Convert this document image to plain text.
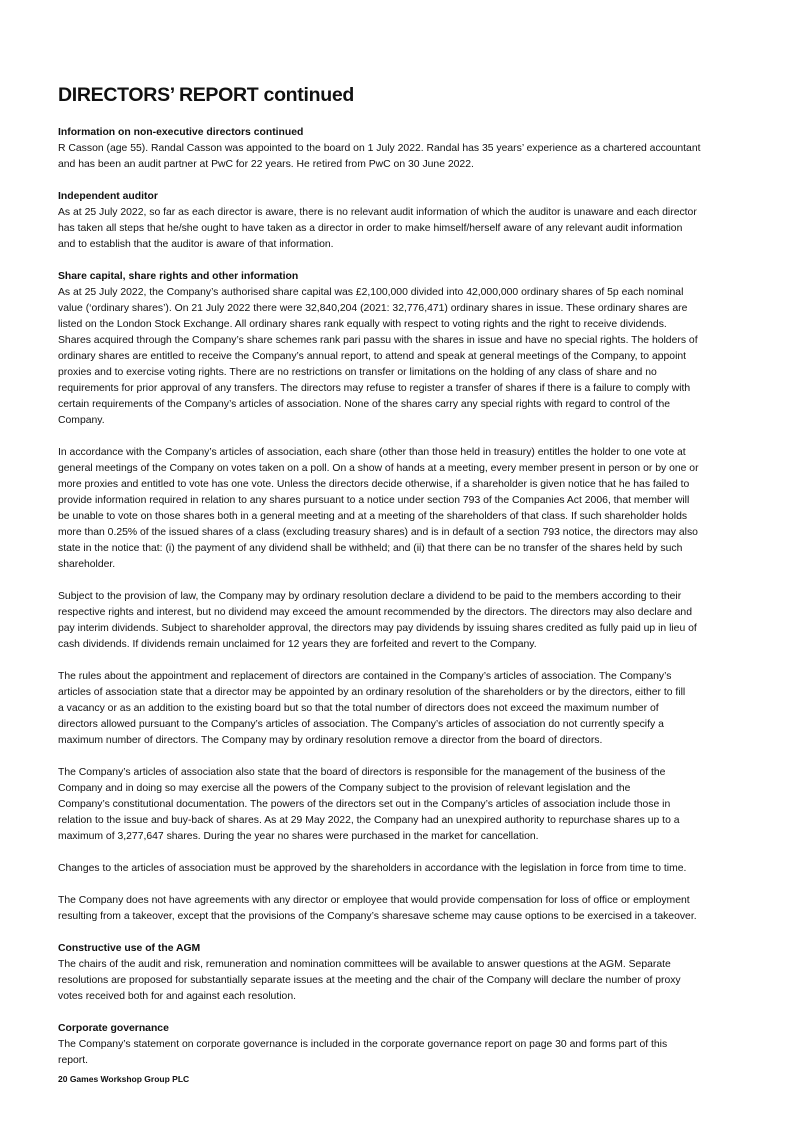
DIRECTORS’ REPORT continued
Information on non-executive directors continued
R Casson (age 55). Randal Casson was appointed to the board on 1 July 2022. Randal has 35 years’ experience as a chartered accountant
and has been an audit partner at PwC for 22 years. He retired from PwC on 30 June 2022.
Independent auditor
As at 25 July 2022, so far as each director is aware, there is no relevant audit information of which the auditor is unaware and each director
has taken all steps that he/she ought to have taken as a director in order to make himself/herself aware of any relevant audit information
and to establish that the auditor is aware of that information.
Share capital, share rights and other information
As at 25 July 2022, the Company’s authorised share capital was £2,100,000 divided into 42,000,000 ordinary shares of 5p each nominal
value (‘ordinary shares’). On 21 July 2022 there were 32,840,204 (2021: 32,776,471) ordinary shares in issue. These ordinary shares are
listed on the London Stock Exchange. All ordinary shares rank equally with respect to voting rights and the right to receive dividends.
Shares acquired through the Company’s share schemes rank pari passu with the shares in issue and have no special rights. The holders of
ordinary shares are entitled to receive the Company’s annual report, to attend and speak at general meetings of the Company, to appoint
proxies and to exercise voting rights. There are no restrictions on transfer or limitations on the holding of any class of share and no
requirements for prior approval of any transfers. The directors may refuse to register a transfer of shares if there is a failure to comply with
certain requirements of the Company’s articles of association. None of the shares carry any special rights with regard to control of the
Company.
In accordance with the Company’s articles of association, each share (other than those held in treasury) entitles the holder to one vote at
general meetings of the Company on votes taken on a poll. On a show of hands at a meeting, every member present in person or by one or
more proxies and entitled to vote has one vote. Unless the directors decide otherwise, if a shareholder is given notice that he has failed to
provide information required in relation to any shares pursuant to a notice under section 793 of the Companies Act 2006, that member will
be unable to vote on those shares both in a general meeting and at a meeting of the shareholders of that class. If such shareholder holds
more than 0.25% of the issued shares of a class (excluding treasury shares) and is in default of a section 793 notice, the directors may also
state in the notice that: (i) the payment of any dividend shall be withheld; and (ii) that there can be no transfer of the shares held by such
shareholder.
Subject to the provision of law, the Company may by ordinary resolution declare a dividend to be paid to the members according to their
respective rights and interest, but no dividend may exceed the amount recommended by the directors. The directors may also declare and
pay interim dividends. Subject to shareholder approval, the directors may pay dividends by issuing shares credited as fully paid up in lieu of
cash dividends. If dividends remain unclaimed for 12 years they are forfeited and revert to the Company.
The rules about the appointment and replacement of directors are contained in the Company’s articles of association. The Company’s
articles of association state that a director may be appointed by an ordinary resolution of the shareholders or by the directors, either to fill
a vacancy or as an addition to the existing board but so that the total number of directors does not exceed the maximum number of
directors allowed pursuant to the Company’s articles of association. The Company’s articles of association do not currently specify a
maximum number of directors. The Company may by ordinary resolution remove a director from the board of directors.
The Company’s articles of association also state that the board of directors is responsible for the management of the business of the
Company and in doing so may exercise all the powers of the Company subject to the provision of relevant legislation and the
Company’s constitutional documentation. The powers of the directors set out in the Company’s articles of association include those in
relation to the issue and buy-back of shares. As at 29 May 2022, the Company had an unexpired authority to repurchase shares up to a
maximum of 3,277,647 shares. During the year no shares were purchased in the market for cancellation.
Changes to the articles of association must be approved by the shareholders in accordance with the legislation in force from time to time.
The Company does not have agreements with any director or employee that would provide compensation for loss of office or employment
resulting from a takeover, except that the provisions of the Company’s sharesave scheme may cause options to be exercised in a takeover.
Constructive use of the AGM
The chairs of the audit and risk, remuneration and nomination committees will be available to answer questions at the AGM. Separate
resolutions are proposed for substantially separate issues at the meeting and the chair of the Company will declare the number of proxy
votes received both for and against each resolution.
Corporate governance
The Company’s statement on corporate governance is included in the corporate governance report on page 30 and forms part of this
report.
20 Games Workshop Group PLC
